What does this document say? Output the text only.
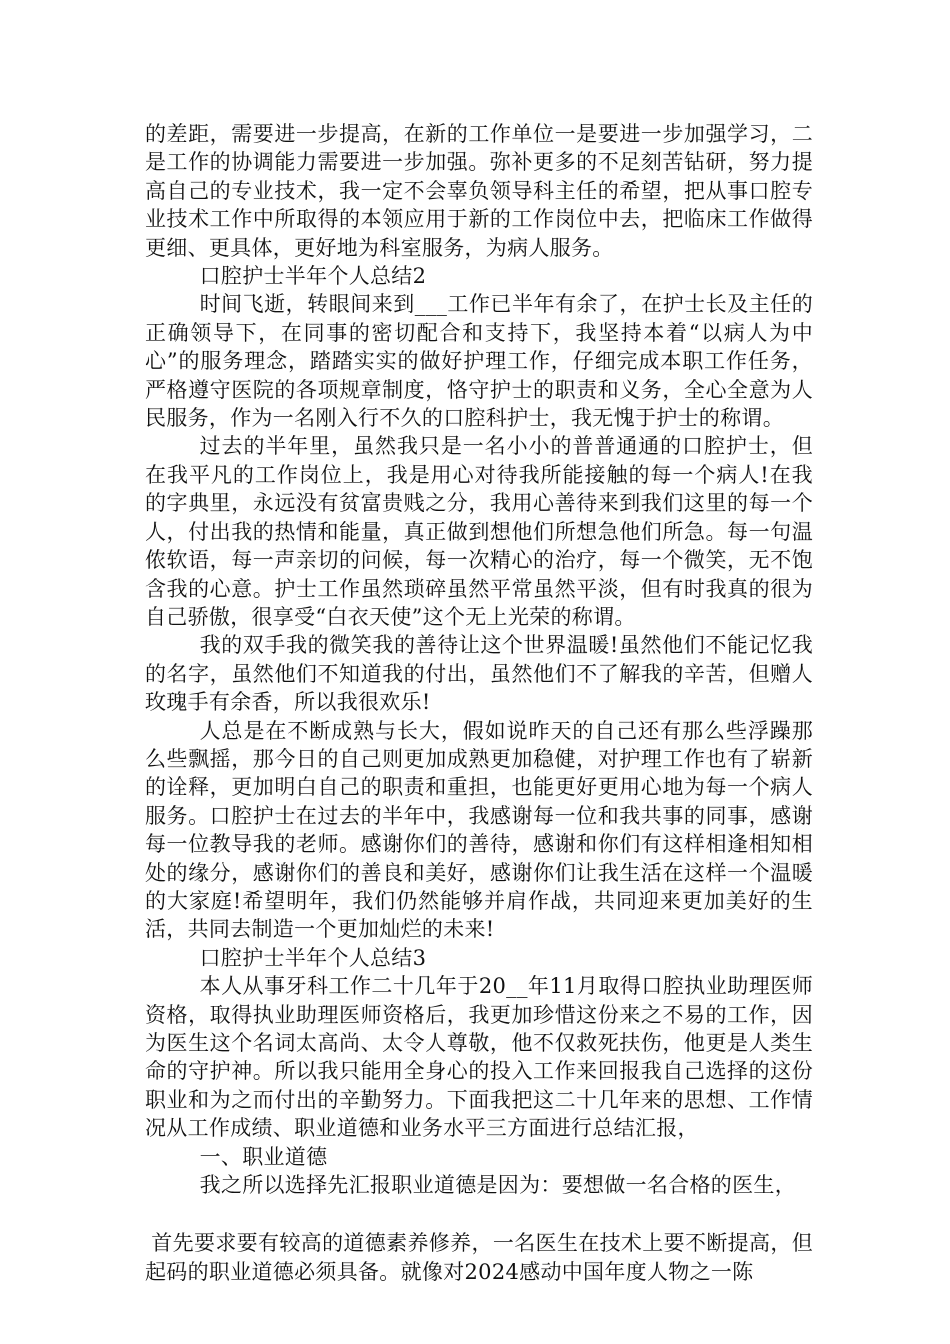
的差距，需要进一步提高，在新的工作单位一是要进一步加强学习，二是工作的协调能力需要进一步加强。弥补更多的不足刻苦钻研，努力提高自己的专业技术，我一定不会辜负领导科主任的希望，把从事口腔专业技术工作中所取得的本领应用于新的工作岗位中去，把临床工作做得更细、更具体，更好地为科室服务，为病人服务。

口腔护士半年个人总结2

时间飞逝，转眼间来到___工作已半年有余了，在护士长及主任的正确领导下，在同事的密切配合和支持下，我坚持本着“以病人为中心”的服务理念，踏踏实实的做好护理工作，仔细完成本职工作任务，严格遵守医院的各项规章制度，恪守护士的职责和义务，全心全意为人民服务，作为一名刚入行不久的口腔科护士，我无愧于护士的称谓。

过去的半年里，虽然我只是一名小小的普普通通的口腔护士，但在我平凡的工作岗位上，我是用心对待我所能接触的每一个病人!在我的字典里，永远没有贫富贵贱之分，我用心善待来到我们这里的每一个人，付出我的热情和能量，真正做到想他们所想急他们所急。每一句温侬软语，每一声亲切的问候，每一次精心的治疗，每一个微笑，无不饱含我的心意。护士工作虽然琐碎虽然平常虽然平淡，但有时我真的很为自己骄傲，很享受“白衣天使”这个无上光荣的称谓。

我的双手我的微笑我的善待让这个世界温暖!虽然他们不能记忆我的名字，虽然他们不知道我的付出，虽然他们不了解我的辛苦，但赠人玫瑰手有余香，所以我很欢乐!

人总是在不断成熟与长大，假如说昨天的自己还有那么些浮躁那么些飘摇，那今日的自己则更加成熟更加稳健，对护理工作也有了崭新的诠释，更加明白自己的职责和重担，也能更好更用心地为每一个病人服务。口腔护士在过去的半年中，我感谢每一位和我共事的同事，感谢每一位教导我的老师。感谢你们的善待，感谢和你们有这样相逢相知相处的缘分，感谢你们的善良和美好，感谢你们让我生活在这样一个温暖的大家庭!希望明年，我们仍然能够并肩作战，共同迎来更加美好的生活，共同去制造一个更加灿烂的未来!

口腔护士半年个人总结3

本人从事牙科工作二十几年于20__年11月取得口腔执业助理医师资格，取得执业助理医师资格后，我更加珍惜这份来之不易的工作，因为医生这个名词太高尚、太令人尊敬，他不仅救死扶伤，他更是人类生命的守护神。所以我只能用全身心的投入工作来回报我自己选择的这份职业和为之而付出的辛勤努力。下面我把这二十几年来的思想、工作情况从工作成绩、职业道德和业务水平三方面进行总结汇报，

一、职业道德

我之所以选择先汇报职业道德是因为：要想做一名合格的医生，

首先要求要有较高的道德素养修养，一名医生在技术上要不断提高，但起码的职业道德必须具备。就像对2024感动中国年度人物之一陈
